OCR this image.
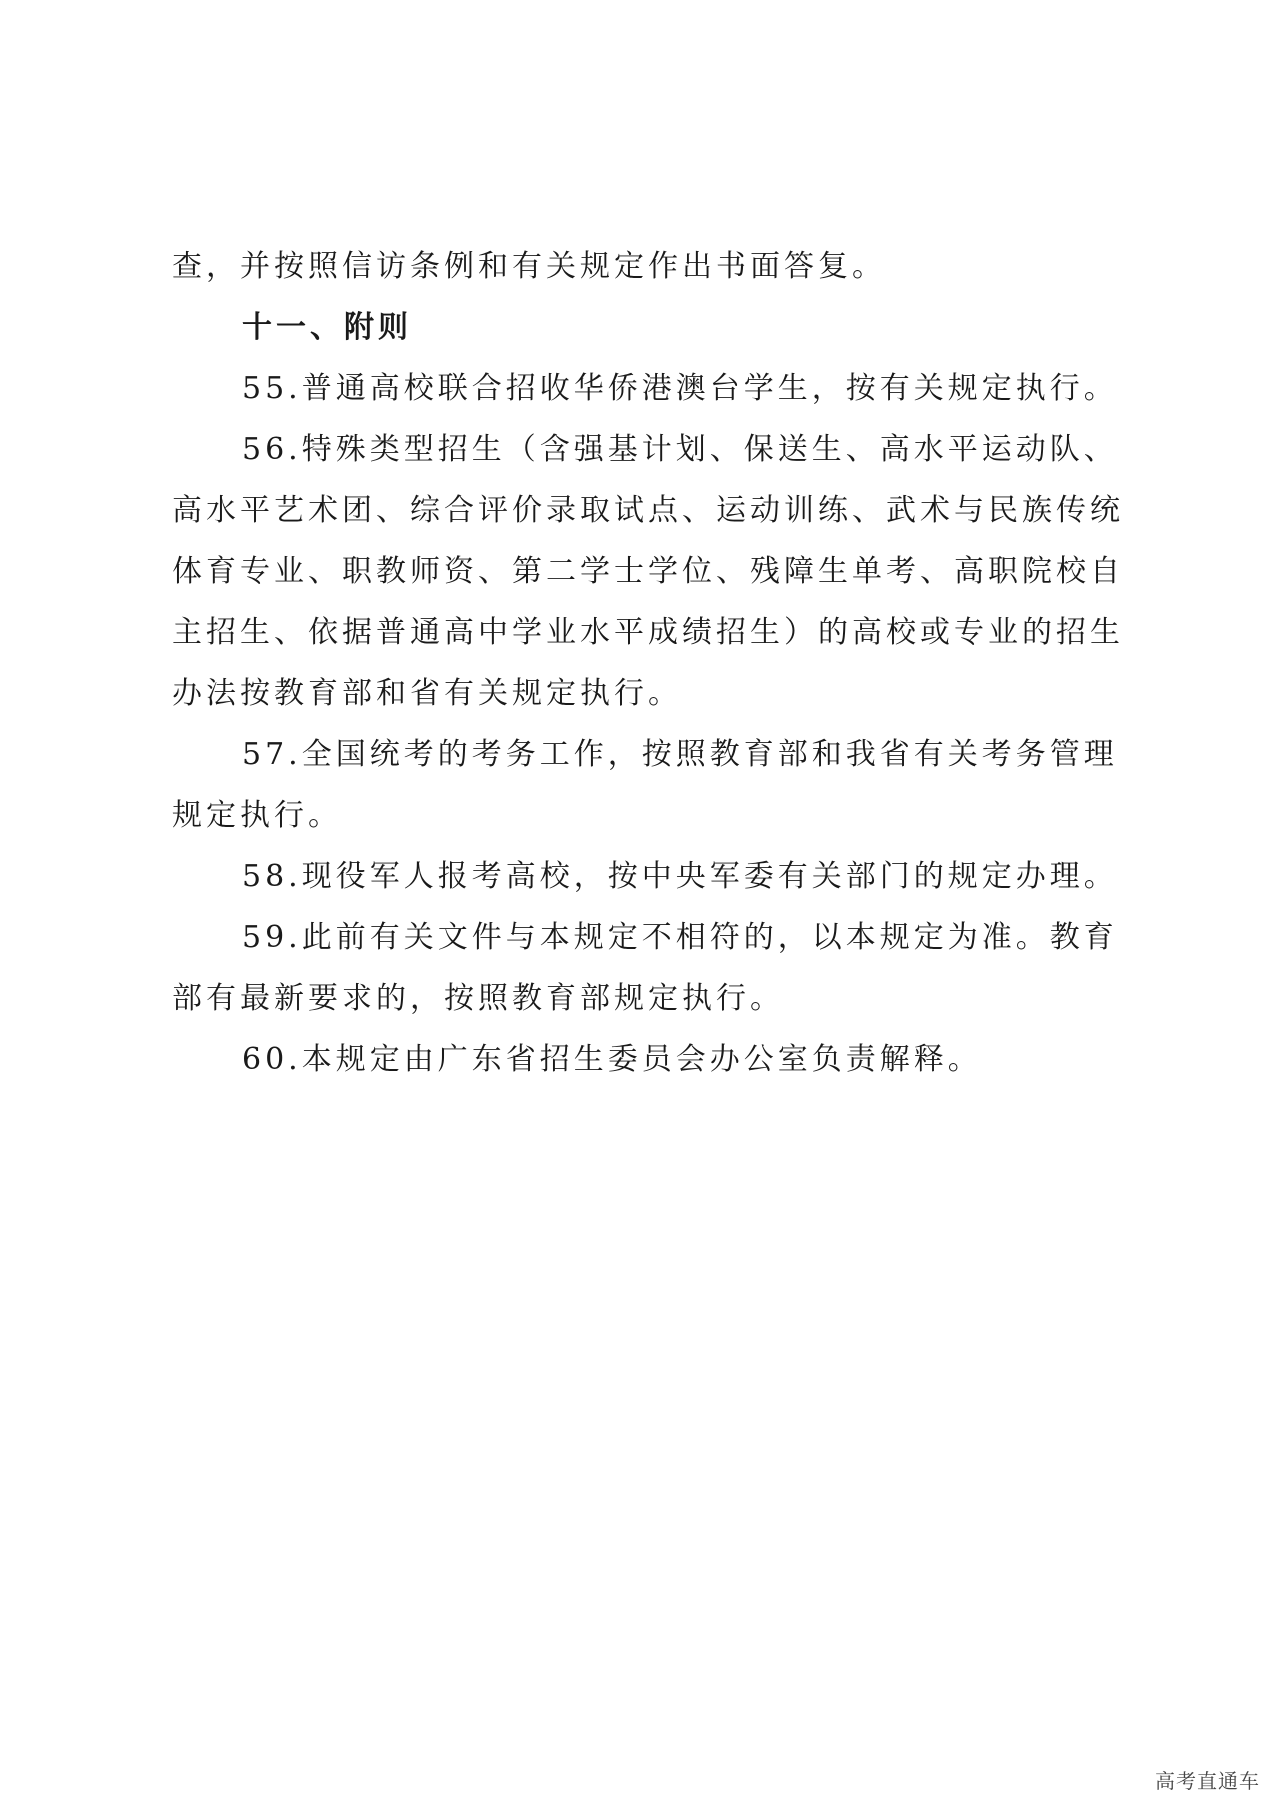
查，并按照信访条例和有关规定作出书面答复。
十一、附则
55.普通高校联合招收华侨港澳台学生，按有关规定执行。
56.特殊类型招生（含强基计划、保送生、高水平运动队、
高水平艺术团、综合评价录取试点、运动训练、武术与民族传统
体育专业、职教师资、第二学士学位、残障生单考、高职院校自
主招生、依据普通高中学业水平成绩招生）的高校或专业的招生
办法按教育部和省有关规定执行。
57.全国统考的考务工作，按照教育部和我省有关考务管理
规定执行。
58.现役军人报考高校，按中央军委有关部门的规定办理。
59.此前有关文件与本规定不相符的，以本规定为准。教育
部有最新要求的，按照教育部规定执行。
60.本规定由广东省招生委员会办公室负责解释。
高考直通车
